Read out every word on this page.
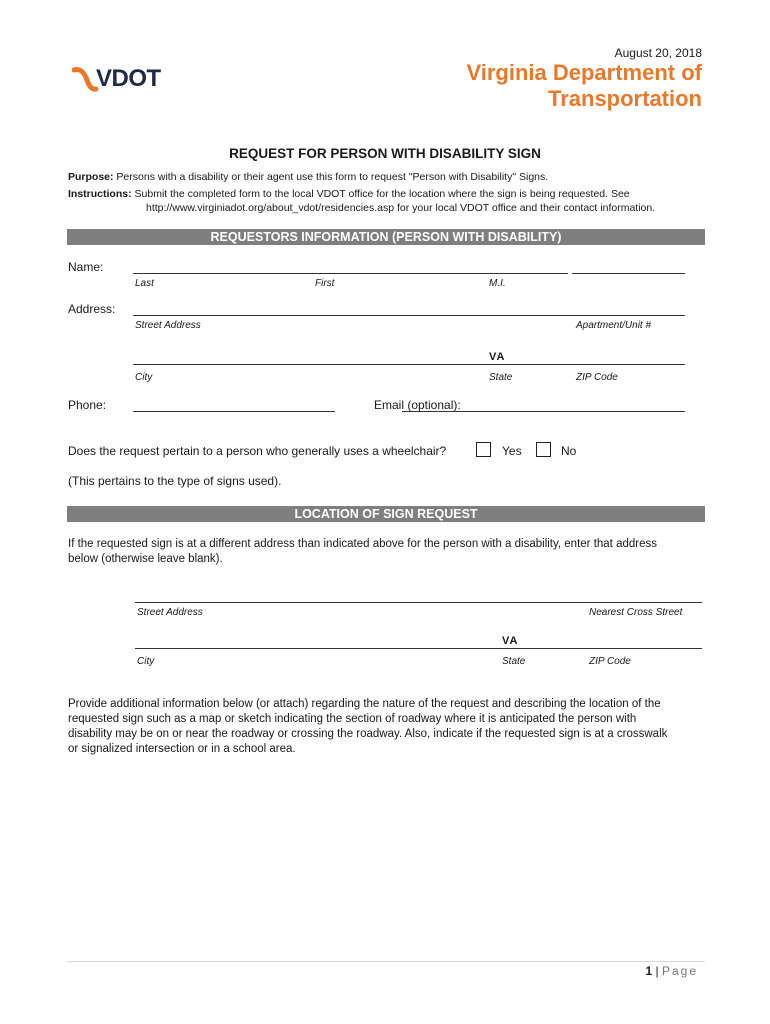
August 20, 2018
VDOT	Virginia Department of
Transportation
REQUEST FOR PERSON WITH DISABILITY SIGN
Purpose: Persons with a disability or their agent use this form to request "Person with Disability" Signs.
Instructions: Submit the completed form to the local VDOT office for the location where the sign is being requested. See
http://www.virginiadot.org/about_vdot/residencies.asp for your local VDOT office and their contact information.
REQUESTORS INFORMATION (PERSON WITH DISABILITY)
Name:
Last	First	M.I.
Address:
Street Address	Apartment/Unit #
VA
City	State	ZIP Code
Phone:	Email (optional):
Does the request pertain to a person who generally uses a wheelchair?	Yes	No
(This pertains to the type of signs used).
LOCATION OF SIGN REQUEST
If the requested sign is at a different address than indicated above for the person with a disability, enter that address
below (otherwise leave blank).
Street Address	Nearest Cross Street
VA
City	State	ZIP Code
Provide additional information below (or attach) regarding the nature of the request and describing the location of the
requested sign such as a map or sketch indicating the section of roadway where it is anticipated the person with
disability may be on or near the roadway or crossing the roadway. Also, indicate if the requested sign is at a crosswalk
or signalized intersection or in a school area.
1 | Page
